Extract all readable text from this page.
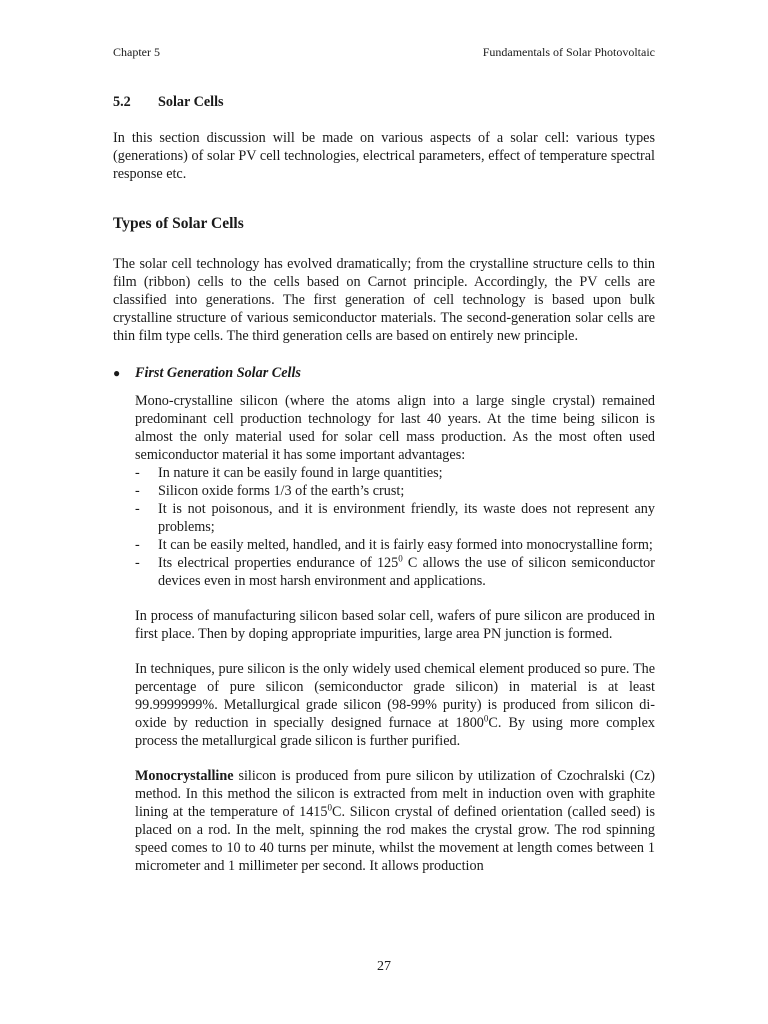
Chapter 5	Fundamentals of Solar Photovoltaic
5.2	Solar Cells

In this section discussion will be made on various aspects of a solar cell: various types (generations) of solar PV cell technologies, electrical parameters, effect of temperature spectral response etc.

Types of Solar Cells

The solar cell technology has evolved dramatically; from the crystalline structure cells to thin film (ribbon) cells to the cells based on Carnot principle. Accordingly, the PV cells are classified into generations. The first generation of cell technology is based upon bulk crystalline structure of various semiconductor materials. The second-generation solar cells are thin film type cells. The third generation cells are based on entirely new principle.

●	First Generation Solar Cells

Mono-crystalline silicon (where the atoms align into a large single crystal) remained predominant cell production technology for last 40 years. At the time being silicon is almost the only material used for solar cell mass production. As the most often used semiconductor material it has some important advantages:

-	In nature it can be easily found in large quantities;
-	Silicon oxide forms 1/3 of the earth’s crust;
-	It is not poisonous, and it is environment friendly, its waste does not represent any problems;
-	It can be easily melted, handled, and it is fairly easy formed into monocrystalline form;
-	Its electrical properties endurance of $125^0$ C allows the use of silicon semiconductor devices even in most harsh environment and applications.

In process of manufacturing silicon based solar cell, wafers of pure silicon are produced in first place. Then by doping appropriate impurities, large area PN junction is formed.

In techniques, pure silicon is the only widely used chemical element produced so pure. The percentage of pure silicon (semiconductor grade silicon) in material is at least 99.9999999%. Metallurgical grade silicon (98-99% purity) is produced from silicon di-oxide by reduction in specially designed furnace at 1800$^0$C. By using more complex process the metallurgical grade silicon is further purified.

Monocrystalline silicon is produced from pure silicon by utilization of Czochralski (Cz) method. In this method the silicon is extracted from melt in induction oven with graphite lining at the temperature of 1415$^0$C. Silicon crystal of defined orientation (called seed) is placed on a rod. In the melt, spinning the rod makes the crystal grow. The rod spinning speed comes to 10 to 40 turns per minute, whilst the movement at length comes between 1 micrometer and 1 millimeter per second. It allows production

27
